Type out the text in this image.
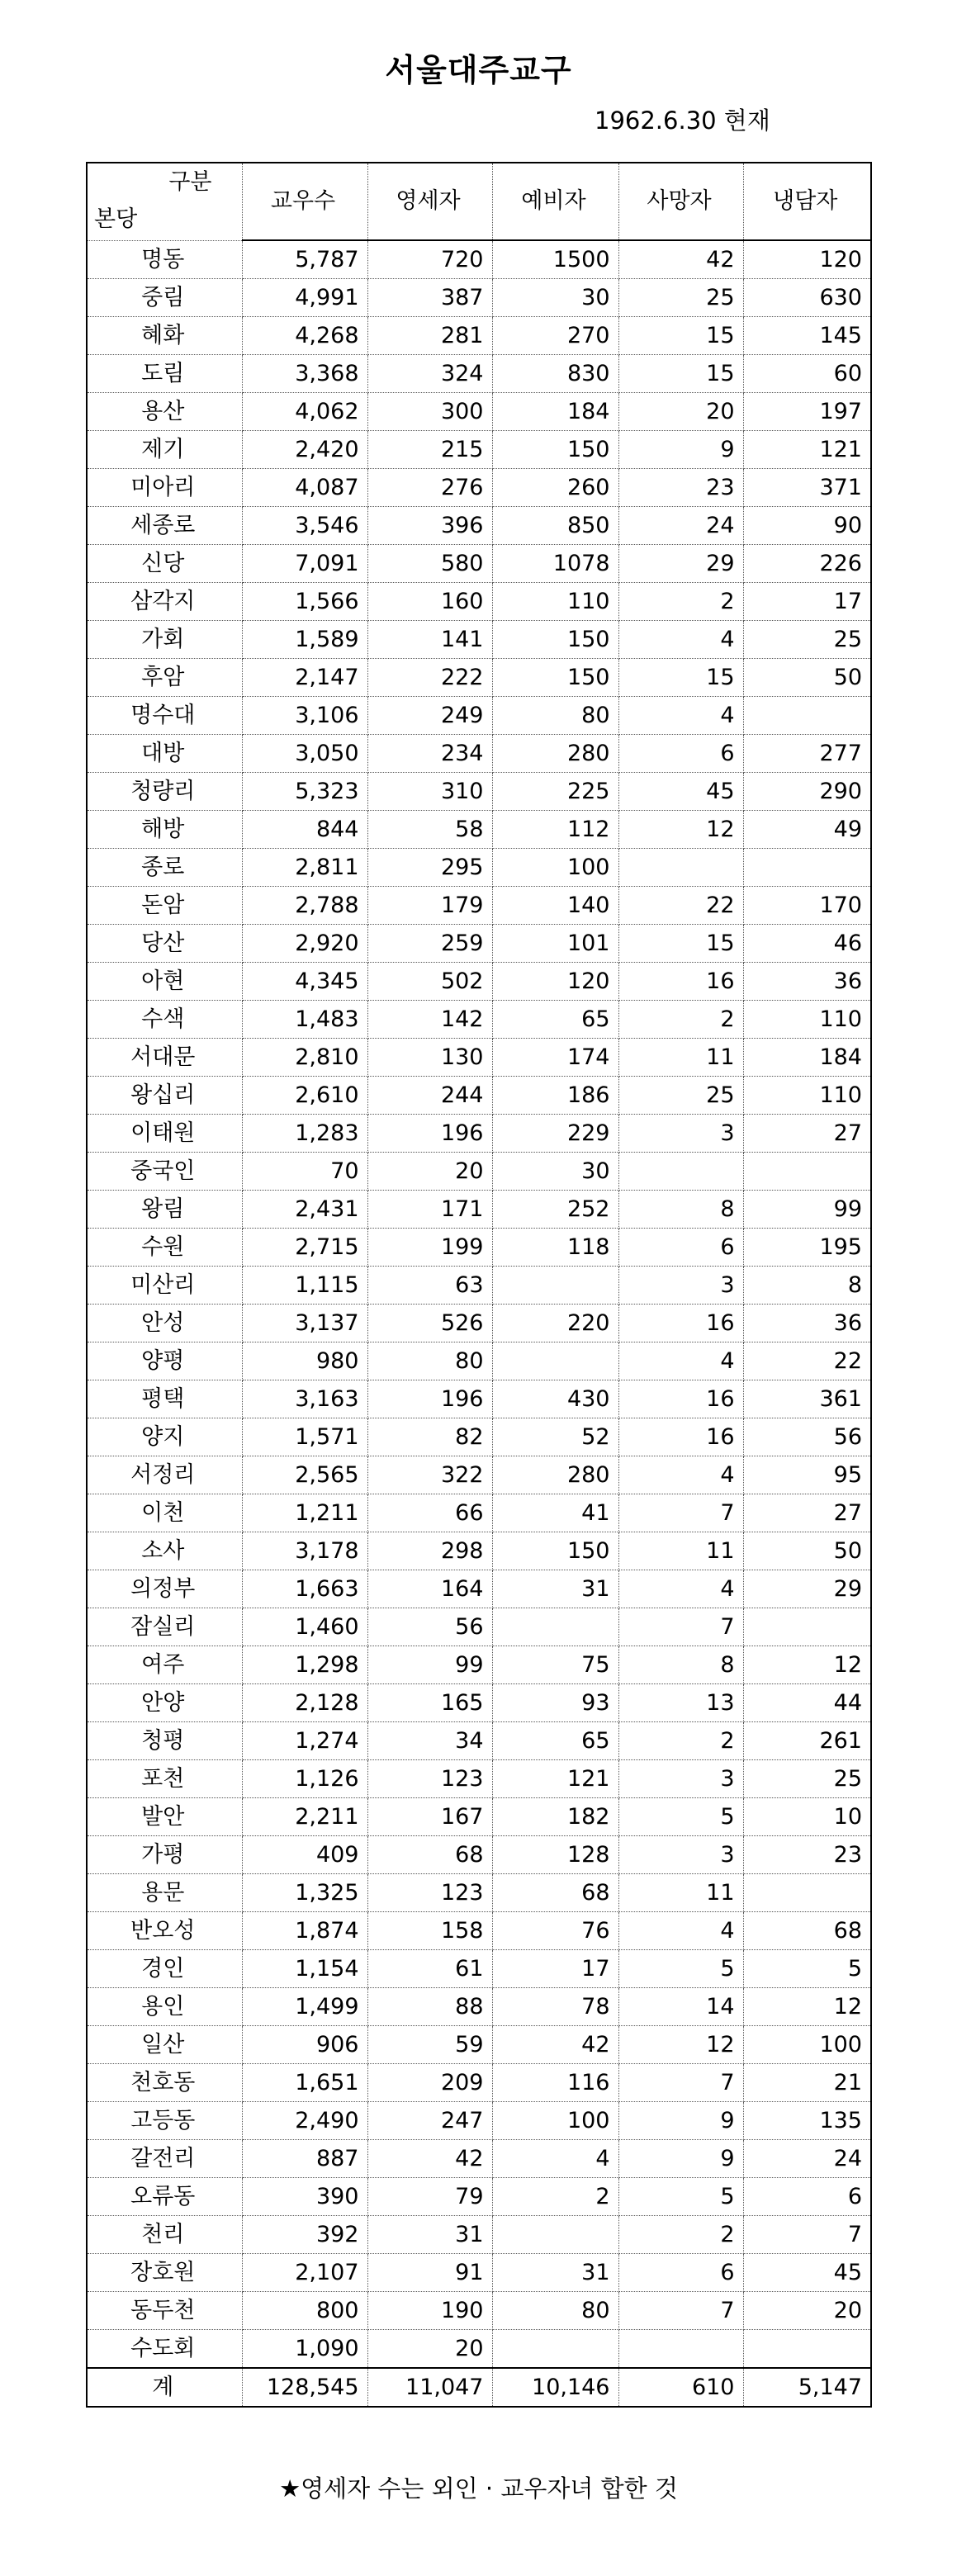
서울대주교구
1962.6.30 현재
구분
본당	교우수	영세자	예비자	사망자	냉담자
명동	5,787	720	1500	42	120
중림	4,991	387	30	25	630
혜화	4,268	281	270	15	145
도림	3,368	324	830	15	60
용산	4,062	300	184	20	197
제기	2,420	215	150	9	121
미아리	4,087	276	260	23	371
세종로	3,546	396	850	24	90
신당	7,091	580	1078	29	226
삼각지	1,566	160	110	2	17
가회	1,589	141	150	4	25
후암	2,147	222	150	15	50
명수대	3,106	249	80	4	
대방	3,050	234	280	6	277
청량리	5,323	310	225	45	290
해방	844	58	112	12	49
종로	2,811	295	100		
돈암	2,788	179	140	22	170
당산	2,920	259	101	15	46
아현	4,345	502	120	16	36
수색	1,483	142	65	2	110
서대문	2,810	130	174	11	184
왕십리	2,610	244	186	25	110
이태원	1,283	196	229	3	27
중국인	70	20	30		
왕림	2,431	171	252	8	99
수원	2,715	199	118	6	195
미산리	1,115	63		3	8
안성	3,137	526	220	16	36
양평	980	80		4	22
평택	3,163	196	430	16	361
양지	1,571	82	52	16	56
서정리	2,565	322	280	4	95
이천	1,211	66	41	7	27
소사	3,178	298	150	11	50
의정부	1,663	164	31	4	29
잠실리	1,460	56		7	
여주	1,298	99	75	8	12
안양	2,128	165	93	13	44
청평	1,274	34	65	2	261
포천	1,126	123	121	3	25
발안	2,211	167	182	5	10
가평	409	68	128	3	23
용문	1,325	123	68	11	
반오성	1,874	158	76	4	68
경인	1,154	61	17	5	5
용인	1,499	88	78	14	12
일산	906	59	42	12	100
천호동	1,651	209	116	7	21
고등동	2,490	247	100	9	135
갈전리	887	42	4	9	24
오류동	390	79	2	5	6
천리	392	31		2	7
장호원	2,107	91	31	6	45
동두천	800	190	80	7	20
수도회	1,090	20			
계	128,545	11,047	10,146	610	5,147
★영세자 수는 외인 · 교우자녀 합한 것
